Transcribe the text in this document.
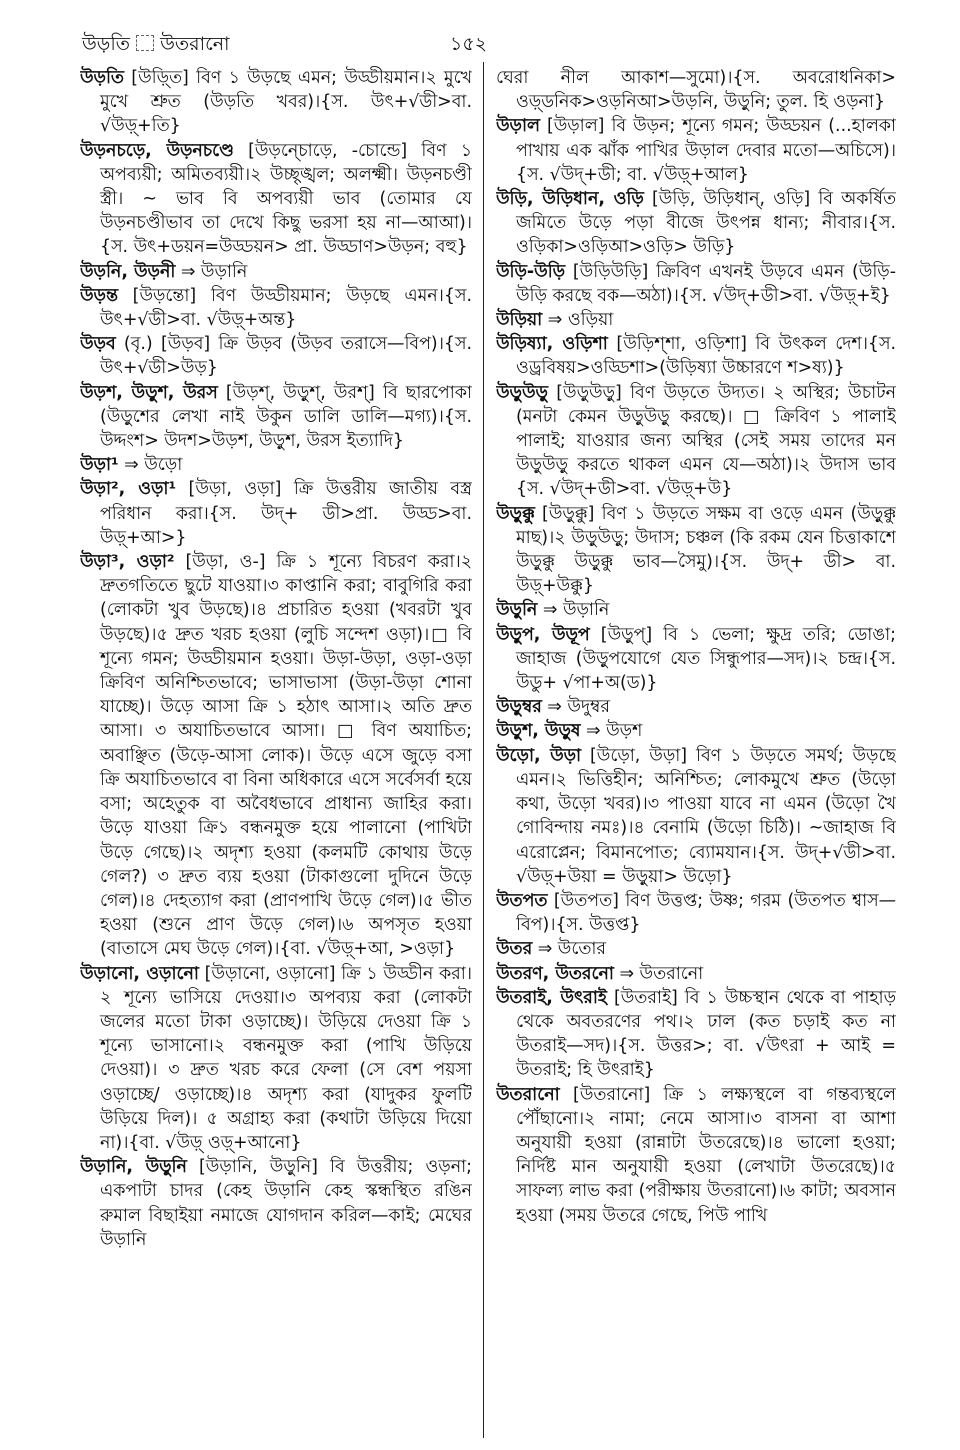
উড়তি উতরানো	১৫২

উড়তি [উড়্তি] বিণ ১ উড়ছে এমন; উড্ডীয়মান।২ মুখে মুখে শ্রুত (উড়তি খবর)।{স. উৎ+√ডী>বা. √উড়্+তি}

উড়নচড়ে, উড়নচণ্ডে [উড়ন্চোড়ে, -চোন্ডে] বিণ ১ অপব্যয়ী; অমিতব্যয়ী।২ উচ্ছৃঙ্খল; অলক্ষ্মী। উড়নচণ্ডী স্ত্রী। ~ ভাব বি অপব্যয়ী ভাব (তোমার যে উড়নচণ্ডীভাব তা দেখে কিছু ভরসা হয় না—আআ)।{স. উৎ+ডয়ন=উড্ডয়ন> প্রা. উড্ডাণ>উড়ন; বহু}

উড়নি, উড়নী ⇒ উড়ানি

উড়ন্ত [উড়ন্তো] বিণ উড্ডীয়মান; উড়ছে এমন।{স. উৎ+√ডী>বা. √উড়্+অন্ত}

উড়ব (বৃ.) [উড়ব] ক্রি উড়ব (উড়ব তরাসে—বিপ)।{স. উৎ+√ডী>উড়}

উড়শ, উড়ুশ, উরস [উড়শ্, উড়ুশ্, উরশ্] বি ছারপোকা (উড়ুশের লেখা নাই উকুন ডালি ডালি—মগ্য)।{স. উদ্দংশ> উদশ>উড়শ, উড়ুশ, উরস ইত্যাদি}

উড়া¹ ⇒ উড়ো

উড়া², ওড়া¹ [উড়া, ওড়া] ক্রি উত্তরীয় জাতীয় বস্ত্র পরিধান করা।{স. উদ্+ ডী>প্রা. উড্ড>বা. উড়্+আ>}

উড়া³, ওড়া² [উড়া, ও-] ক্রি ১ শূন্যে বিচরণ করা।২ দ্রুতগতিতে ছুটে যাওয়া।৩ কাপ্তানি করা; বাবুগিরি করা (লোকটা খুব উড়ছে)।৪ প্রচারিত হওয়া (খবরটা খুব উড়ছে)।৫ দ্রুত খরচ হওয়া (লুচি সন্দেশ ওড়া)।□ বি শূন্যে গমন; উড্ডীয়মান হওয়া। উড়া-উড়া, ওড়া-ওড়া ক্রিবিণ অনিশ্চিতভাবে; ভাসাভাসা (উড়া-উড়া শোনা যাচ্ছে)। উড়ে আসা ক্রি ১ হঠাৎ আসা।২ অতি দ্রুত আসা। ৩ অযাচিতভাবে আসা। □ বিণ অযাচিত; অবাঞ্ছিত (উড়ে-আসা লোক)। উড়ে এসে জুড়ে বসা ক্রি অযাচিতভাবে বা বিনা অধিকারে এসে সর্বেসর্বা হয়ে বসা; অহেতুক বা অবৈধভাবে প্রাধান্য জাহির করা। উড়ে যাওয়া ক্রি১ বন্ধনমুক্ত হয়ে পালানো (পাখিটা উড়ে গেছে)।২ অদৃশ্য হওয়া (কলমটি কোথায় উড়ে গেল?) ৩ দ্রুত ব্যয় হওয়া (টাকাগুলো দুদিনে উড়ে গেল)।৪ দেহত্যাগ করা (প্রাণপাখি উড়ে গেল)।৫ ভীত হওয়া (শুনে প্রাণ উড়ে গেল)।৬ অপসৃত হওয়া (বাতাসে মেঘ উড়ে গেল)।{বা. √উড়্+আ, >ওড়া}

উড়ানো, ওড়ানো [উড়ানো, ওড়ানো] ক্রি ১ উড্ডীন করা।২ শূন্যে ভাসিয়ে দেওয়া।৩ অপব্যয় করা (লোকটা জলের মতো টাকা ওড়াচ্ছে)। উড়িয়ে দেওয়া ক্রি ১ শূন্যে ভাসানো।২ বন্ধনমুক্ত করা (পাখি উড়িয়ে দেওয়া)। ৩ দ্রুত খরচ করে ফেলা (সে বেশ পয়সা ওড়াচ্ছে/ ওড়াচ্ছে)।৪ অদৃশ্য করা (যাদুকর ফুলটি উড়িয়ে দিল)। ৫ অগ্রাহ্য করা (কথাটা উড়িয়ে দিয়ো না)।{বা. √উড়্ ওড়্+আনো}

উড়ানি, উড়ুনি [উড়ানি, উড়ুনি] বি উত্তরীয়; ওড়না; একপাটা চাদর (কেহ উড়ানি কেহ স্কন্ধস্থিত রঙিন রুমাল বিছাইয়া নমাজে যোগদান করিল—কাই; মেঘের উড়ানি

ঘেরা নীল আকাশ—সুমো)।{স. অবরোধনিকা> ওড়্ডনিক>ওড়নিআ>উড়নি, উড়ুনি; তুল. হি ওড়না}

উড়াল [উড়াল] বি উড়ন; শূন্যে গমন; উড্ডয়ন (...হালকা পাখায় এক ঝাঁক পাখির উড়াল দেবার মতো—অচিসে)।{স. √উদ্+ডী; বা. √উড়্+আল}

উড়ি, উড়িধান, ওড়ি [উড়ি, উড়িধান্, ওড়ি] বি অকর্ষিত জমিতে উড়ে পড়া বীজে উৎপন্ন ধান্য; নীবার।{স. ওড়িকা>ওড়িআ>ওড়ি> উড়ি}

উড়ি-উড়ি [উড়িউড়ি] ক্রিবিণ এখনই উড়বে এমন (উড়ি-উড়ি করছে বক—অঠা)।{স. √উদ্+ডী>বা. √উড়্+ই}

উড়িয়া ⇒ ওড়িয়া

উড়িষ্যা, ওড়িশা [উড়িশ্শা, ওড়িশা] বি উৎকল দেশ।{স. ওড্রবিষয়>ওড্ডিশা>(উড়িষ্যা উচ্চারণে শ>ষ্য)}

উড়ুউড়ু [উড়ুউড়ু] বিণ উড়তে উদ্যত। ২ অস্থির; উচাটন (মনটা কেমন উড়ুউড়ু করছে)। □ ক্রিবিণ ১ পালাই পালাই; যাওয়ার জন্য অস্থির (সেই সময় তাদের মন উড়ুউড়ু করতে থাকল এমন যে—অঠা)।২ উদাস ভাব {স. √উদ্+ডী>বা. √উড়্+উ}

উড়ুক্কু [উড়ুক্কু] বিণ ১ উড়তে সক্ষম বা ওড়ে এমন (উড়ুক্কু মাছ)।২ উড়ুউড়ু; উদাস; চঞ্চল (কি রকম যেন চিত্তাকাশে উড়ুক্কু উড়ুক্কু ভাব—সৈমু)।{স. উদ্+ ডী> বা. উড়্+উক্কু}

উড়ুনি ⇒ উড়ানি

উড়ুপ, উড়ূপ [উড়ুপ্] বি ১ ভেলা; ক্ষুদ্র তরি; ডোঙা; জাহাজ (উড়ুপযোগে যেত সিন্ধুপার—সদ)।২ চন্দ্র।{স. উডু+ √পা+অ(ড)}

উড়ুম্বর ⇒ উদুম্বর

উড়ুশ, উড়ুষ ⇒ উড়শ

উড়ো, উড়া [উড়ো, উড়া] বিণ ১ উড়তে সমর্থ; উড়ছে এমন।২ ভিত্তিহীন; অনিশ্চিত; লোকমুখে শ্রুত (উড়ো কথা, উড়ো খবর)।৩ পাওয়া যাবে না এমন (উড়ো খৈ গোবিন্দায় নমঃ)।৪ বেনামি (উড়ো চিঠি)। ~জাহাজ বি এরোপ্লেন; বিমানপোত; ব্যোমযান।{স. উদ্+√ডী>বা. √উড়্+উয়া = উড়ুয়া> উড়ো}

উতপত [উতপত] বিণ উত্তপ্ত; উষ্ণ; গরম (উতপত শ্বাস—বিপ)।{স. উত্তপ্ত}

উতর ⇒ উতোর

উতরণ, উতরনো ⇒ উতরানো

উতরাই, উৎরাই [উতরাই] বি ১ উচ্চস্থান থেকে বা পাহাড় থেকে অবতরণের পথ।২ ঢাল (কত চড়াই কত না উতরাই—সদ)।{স. উত্তর>; বা. √উৎরা + আই = উতরাই; হি উৎরাই}

উতরানো [উতরানো] ক্রি ১ লক্ষ্যস্থলে বা গন্তব্যস্থলে পৌঁছানো।২ নামা; নেমে আসা।৩ বাসনা বা আশা অনুযায়ী হওয়া (রান্নাটা উতরেছে)।৪ ভালো হওয়া; নির্দিষ্ট মান অনুযায়ী হওয়া (লেখাটা উতরেছে)।৫ সাফল্য লাভ করা (পরীক্ষায় উতরানো)।৬ কাটা; অবসান হওয়া (সময় উতরে গেছে, পিউ পাখি
